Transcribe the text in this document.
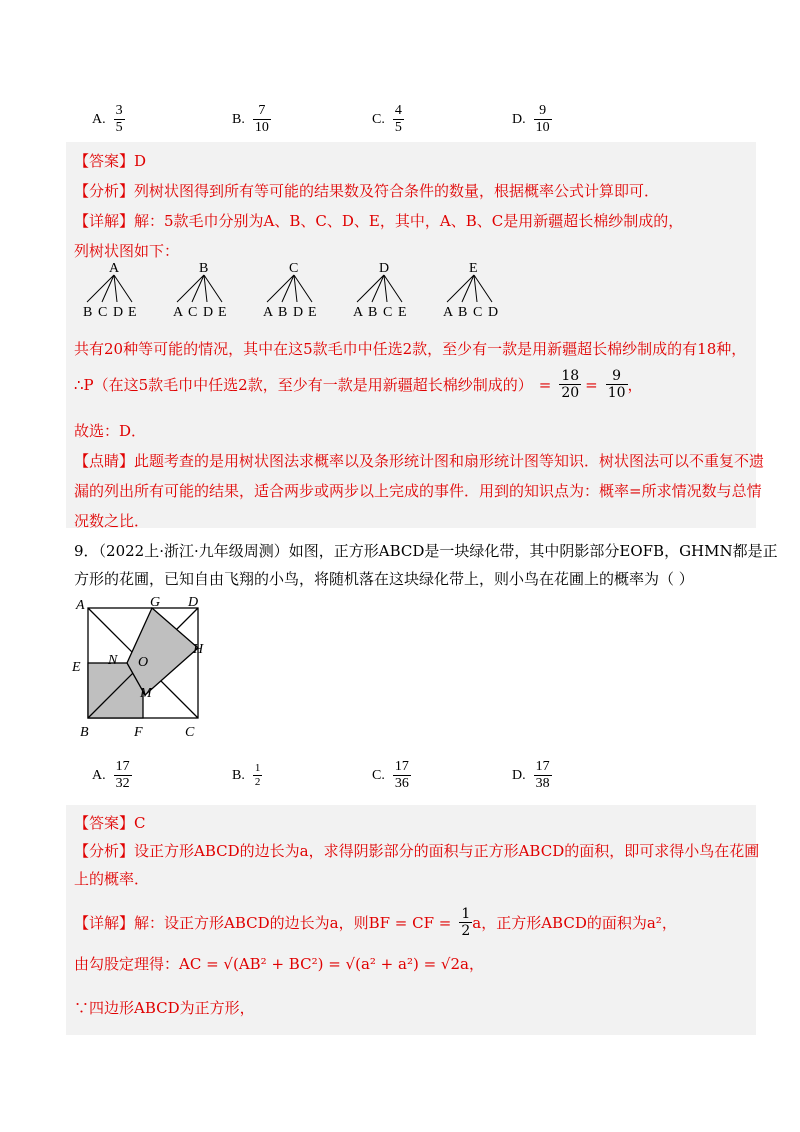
A. $\frac{3}{5}$	B. $\frac{7}{10}$	C. $\frac{4}{5}$	D. $\frac{9}{10}$
【答案】D
【分析】列树状图得到所有等可能的结果数及符合条件的数量，根据概率公式计算即可．
【详解】解：5款毛巾分别为A、B、C、D、E，其中，A、B、C是用新疆超长棉纱制成的，
列树状图如下：
A
B C D E
B
A C D E
C
A B D E
D
A B C E
E
A B C D
共有20种等可能的情况，其中在这5款毛巾中任选2款，至少有一款是用新疆超长棉纱制成的有18种，
∴P（在这5款毛巾中任选2款，至少有一款是用新疆超长棉纱制成的） = $\frac{18}{20} = \frac{9}{10}$ ，
故选：D．
【点睛】此题考查的是用树状图法求概率以及条形统计图和扇形统计图等知识．树状图法可以不重复不遗
漏的列出所有可能的结果，适合两步或两步以上完成的事件．用到的知识点为：概率=所求情况数与总情
况数之比．
9．（2022上·浙江·九年级周测）如图，正方形ABCD是一块绿化带，其中阴影部分EOFB，GHMN都是正
方形的花圃，已知自由飞翔的小鸟，将随机落在这块绿化带上，则小鸟在花圃上的概率为（ ）
A	G D
H
N O
E
M
B	F	C
A. $\frac{17}{32}$	B. $\frac{1}{2}$	C. $\frac{17}{36}$	D. $\frac{17}{38}$
【答案】C
【分析】设正方形ABCD的边长为a，求得阴影部分的面积与正方形ABCD的面积，即可求得小鸟在花圃
上的概率．
【详解】 解：设正方形ABCD的边长为a，则BF = CF = $\frac{1}{2}$ a，正方形ABCD的面积为a²，
由勾股定理得：AC = √(AB² + BC²) = √(a² + a²) = √2a，
∵四边形ABCD为正方形，
